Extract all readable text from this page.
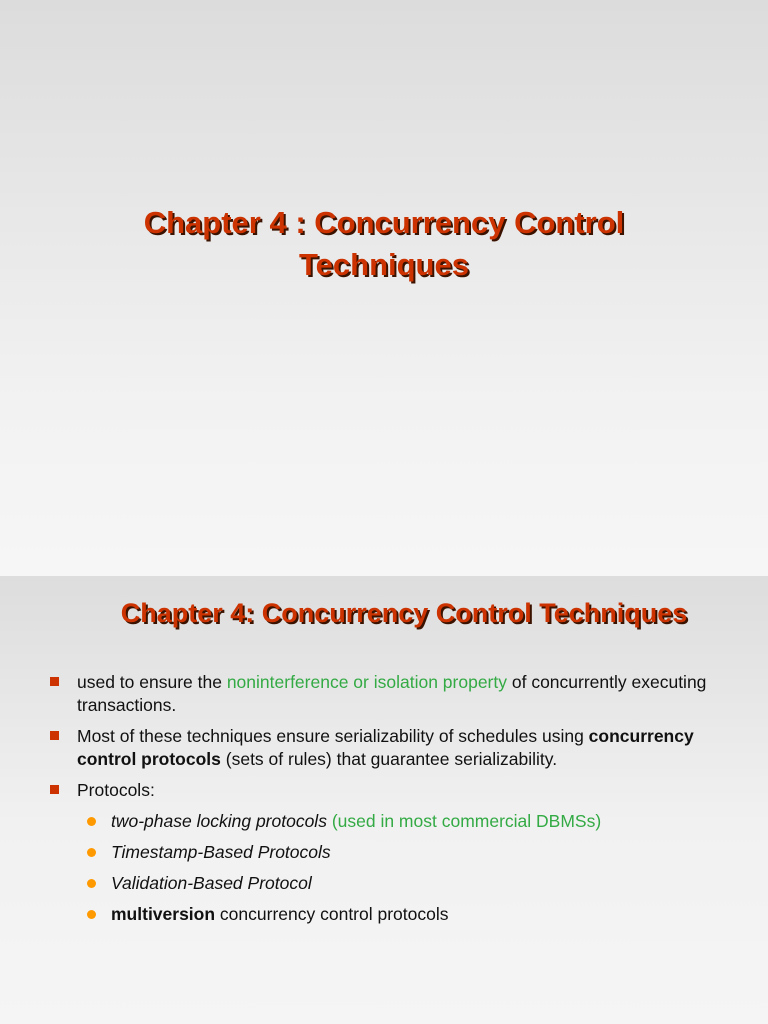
Chapter 4 : Concurrency Control
Techniques
Chapter 4: Concurrency Control Techniques
used to ensure the noninterference or isolation property of concurrently executing transactions.
Most of these techniques ensure serializability of schedules using concurrency control protocols (sets of rules) that guarantee serializability.
Protocols:
two-phase locking protocols (used in most commercial DBMSs)
Timestamp-Based Protocols
Validation-Based Protocol
multiversion concurrency control protocols
